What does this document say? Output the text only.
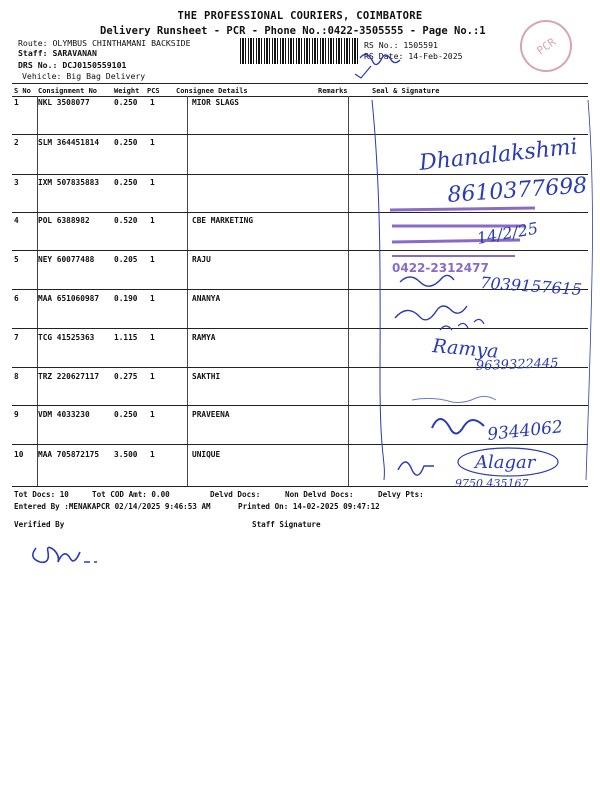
THE PROFESSIONAL COURIERS, COIMBATORE
Delivery Runsheet - PCR - Phone No.:0422-3505555 - Page No.:1
Route: OLYMBUS CHINTHAMANI BACKSIDE
Staff: SARAVANAN
DRS No.: DCJ0150559101
Vehicle: Big Bag Delivery
RS No.: 1505591
RS Date: 14-Feb-2025	PCR
S No Consignment No Weight PCS Consignee Details	Remarks	Seal & Signature
1 NKL 3508077	0.250 1	MIOR SLAGS
2 SLM 364451814 0.250 1
3 IXM 507835883 0.250 1
4 POL 6388982	0.520 1	CBE MARKETING
5 NEY 60077488	0.205 1	RAJU
6 MAA 651060987 0.190 1	ANANYA
7 TCG 41525363	1.115 1	RAMYA
8 TRZ 220627117 0.275 1	SAKTHI
9 VDM 4033230	0.250 1	PRAVEENA
10 MAA 705872175 3.500 1	UNIQUE
Dhanalakshmi
8610377698
0422-2312477
14/2/25
7039157615
Ramya
9639322445
9344062
Alagar
9750 435167
Tot Docs: 10	Tot COD Amt: 0.00	Delvd Docs:	Non Delvd Docs:	Delvy Pts:
Entered By :MENAKAPCR 02/14/2025 9:46:53 AM	Printed On: 14-02-2025 09:47:12
Verified By	Staff Signature
